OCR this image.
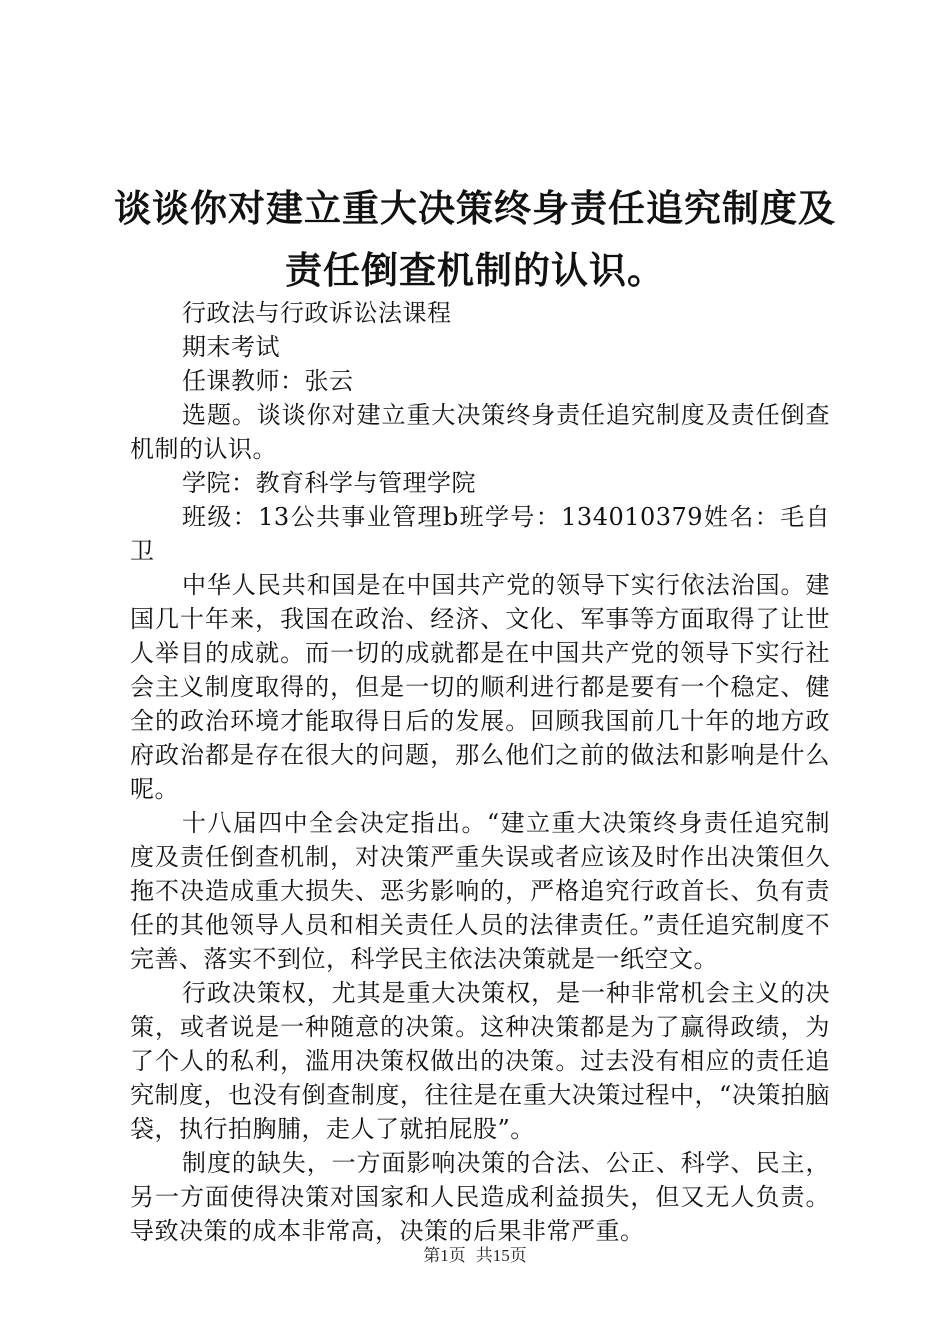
谈谈你对建立重大决策终身责任追究制度及责任倒查机制的认识。

行政法与行政诉讼法课程

期末考试

任课教师：张云

选题。谈谈你对建立重大决策终身责任追究制度及责任倒查机制的认识。

学院：教育科学与管理学院

班级：13公共事业管理b班学号：134010379姓名：毛自卫

中华人民共和国是在中国共产党的领导下实行依法治国。建国几十年来，我国在政治、经济、文化、军事等方面取得了让世人举目的成就。而一切的成就都是在中国共产党的领导下实行社会主义制度取得的，但是一切的顺利进行都是要有一个稳定、健全的政治环境才能取得日后的发展。回顾我国前几十年的地方政府政治都是存在很大的问题，那么他们之前的做法和影响是什么呢。

十八届四中全会决定指出。“建立重大决策终身责任追究制度及责任倒查机制，对决策严重失误或者应该及时作出决策但久拖不决造成重大损失、恶劣影响的，严格追究行政首长、负有责任的其他领导人员和相关责任人员的法律责任。”责任追究制度不完善、落实不到位，科学民主依法决策就是一纸空文。

行政决策权，尤其是重大决策权，是一种非常机会主义的决策，或者说是一种随意的决策。这种决策都是为了赢得政绩，为了个人的私利，滥用决策权做出的决策。过去没有相应的责任追究制度，也没有倒查制度，往往是在重大决策过程中，“决策拍脑袋，执行拍胸脯，走人了就拍屁股”。

制度的缺失，一方面影响决策的合法、公正、科学、民主，另一方面使得决策对国家和人民造成利益损失，但又无人负责。导致决策的成本非常高，决策的后果非常严重。

第1页 共15页
